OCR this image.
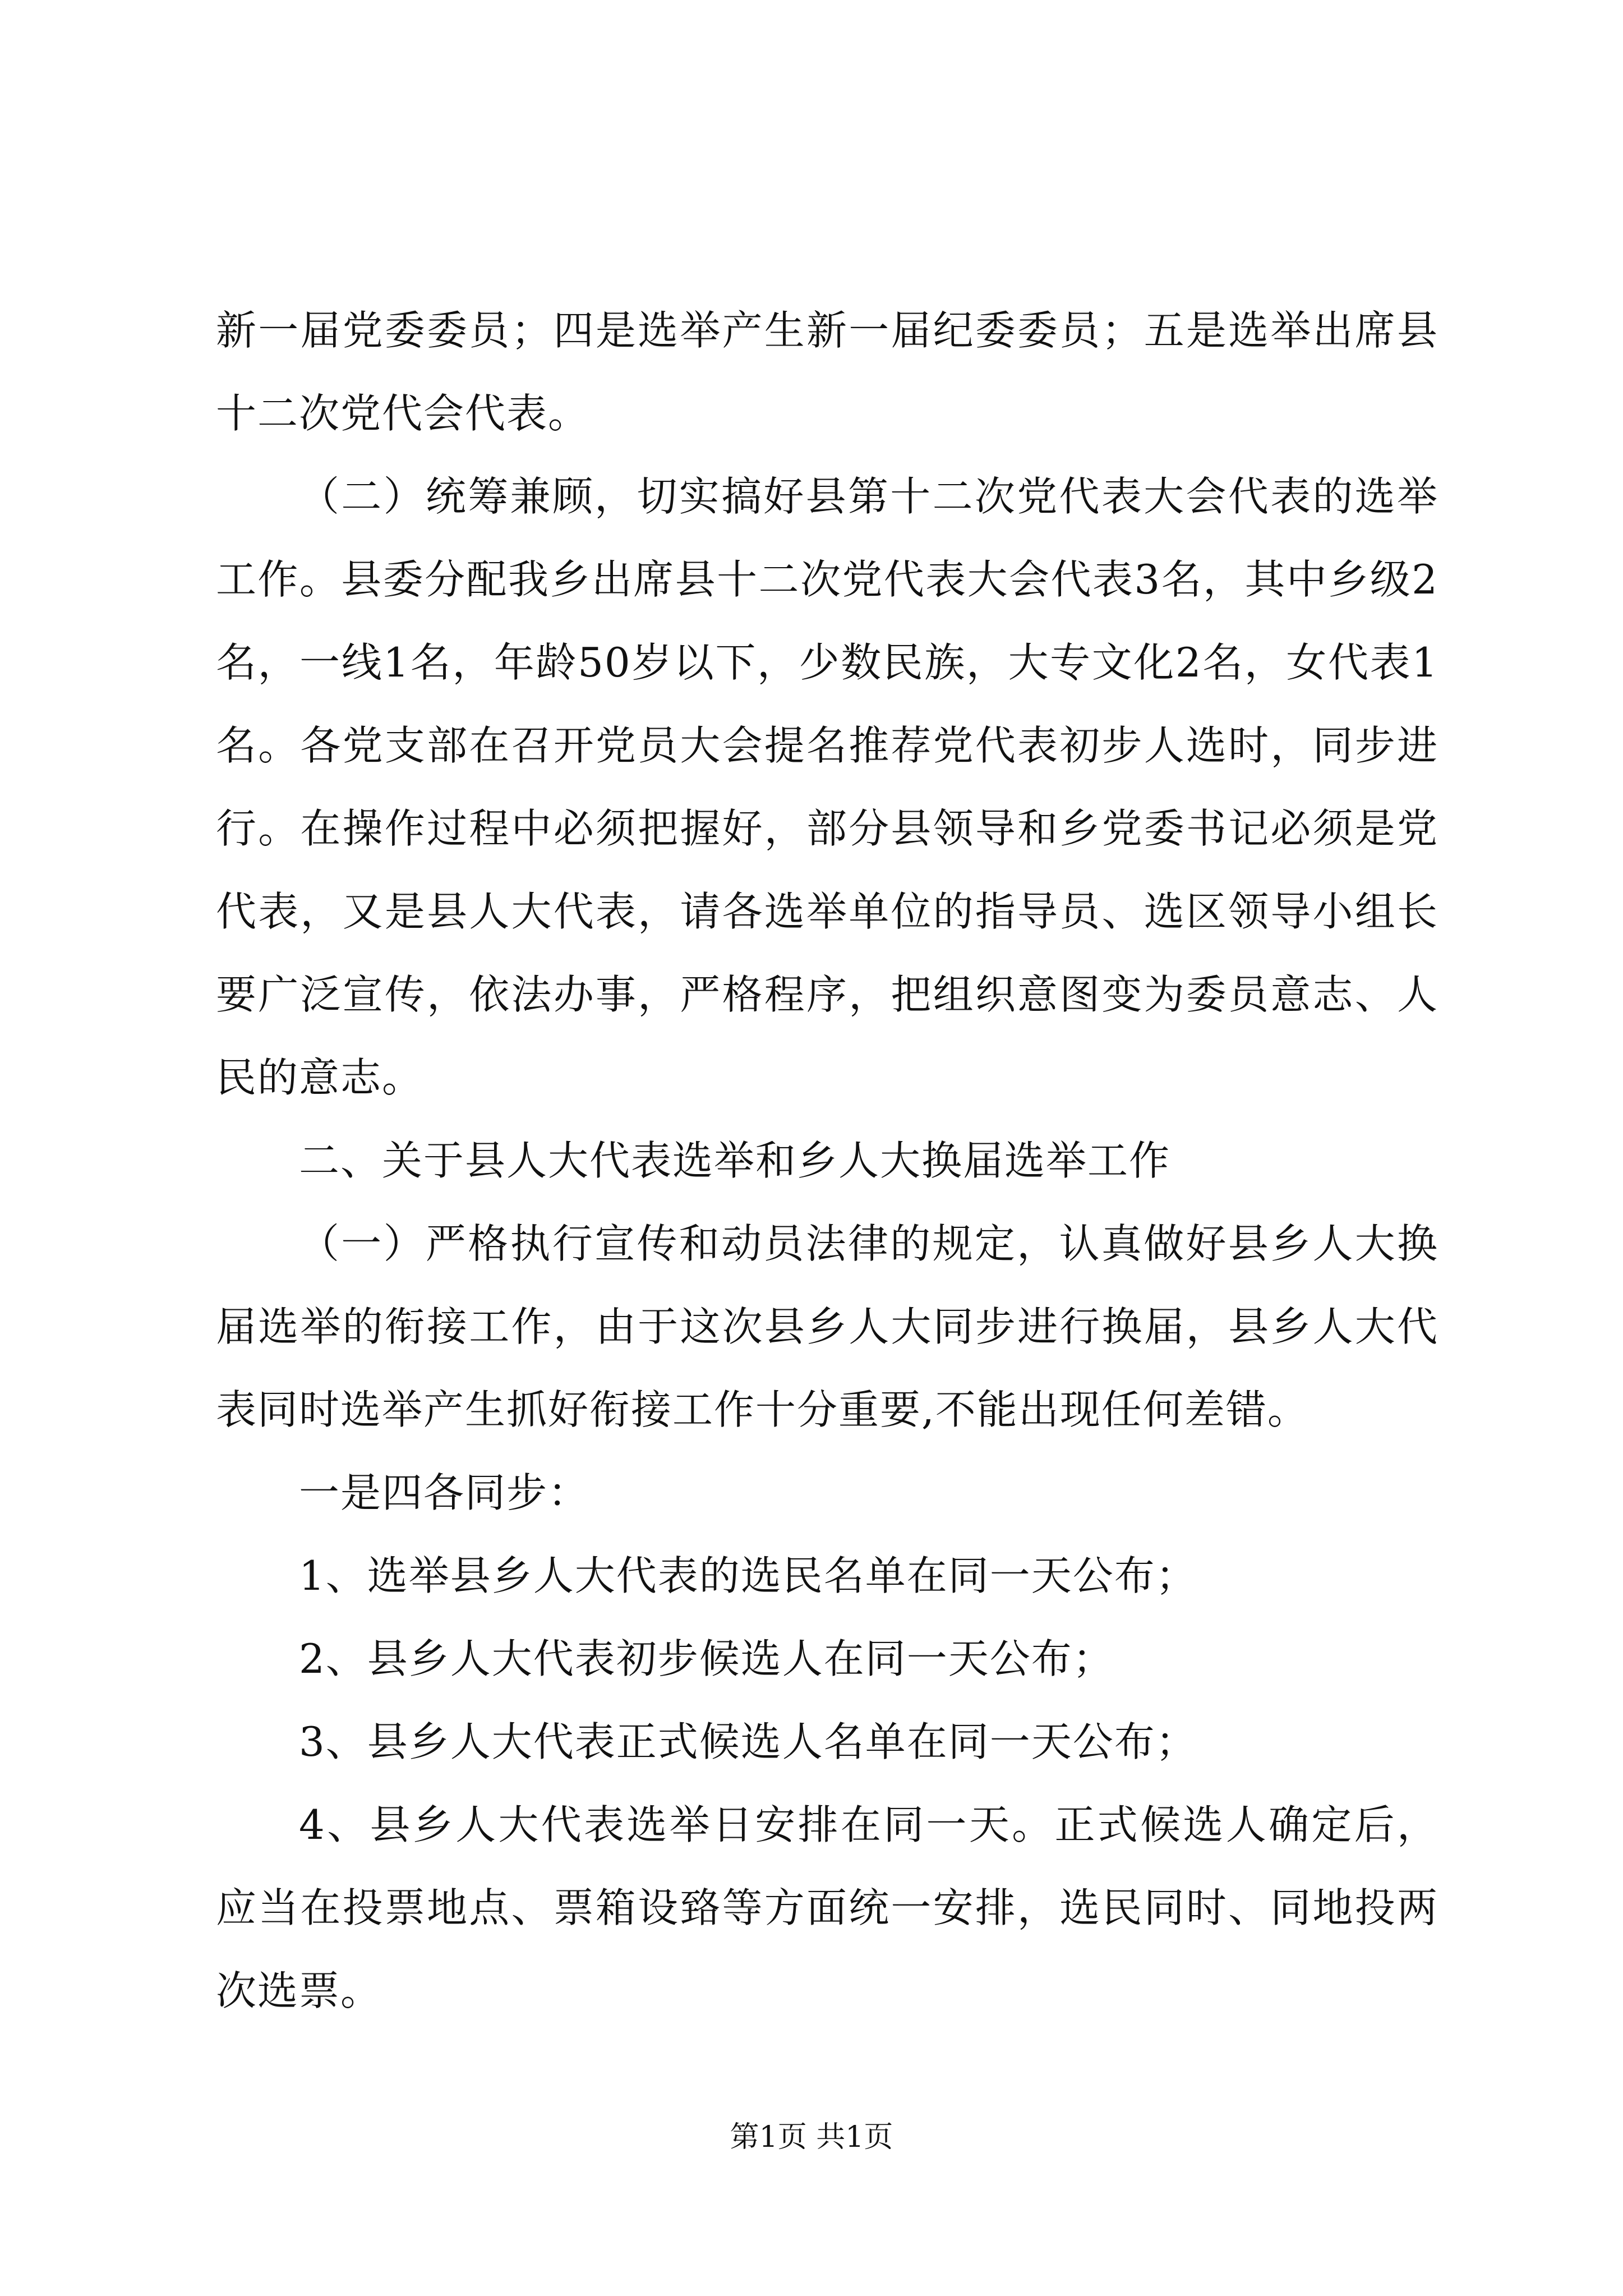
新一届党委委员；四是选举产生新一届纪委委员；五是选举出席县十二次党代会代表。

（二）统筹兼顾，切实搞好县第十二次党代表大会代表的选举工作。县委分配我乡出席县十二次党代表大会代表3名，其中乡级2名，一线1名，年龄50岁以下，少数民族，大专文化2名，女代表1名。各党支部在召开党员大会提名推荐党代表初步人选时，同步进行。在操作过程中必须把握好，部分县领导和乡党委书记必须是党代表，又是县人大代表，请各选举单位的指导员、选区领导小组长要广泛宣传，依法办事，严格程序，把组织意图变为委员意志、人民的意志。

二、关于县人大代表选举和乡人大换届选举工作

（一）严格执行宣传和动员法律的规定，认真做好县乡人大换届选举的衔接工作，由于这次县乡人大同步进行换届，县乡人大代表同时选举产生抓好衔接工作十分重要,不能出现任何差错。

一是四各同步：

1、选举县乡人大代表的选民名单在同一天公布；

2、县乡人大代表初步候选人在同一天公布；

3、县乡人大代表正式候选人名单在同一天公布；

4、县乡人大代表选举日安排在同一天。正式候选人确定后，应当在投票地点、票箱设臵等方面统一安排，选民同时、同地投两次选票。

第1页 共1页
